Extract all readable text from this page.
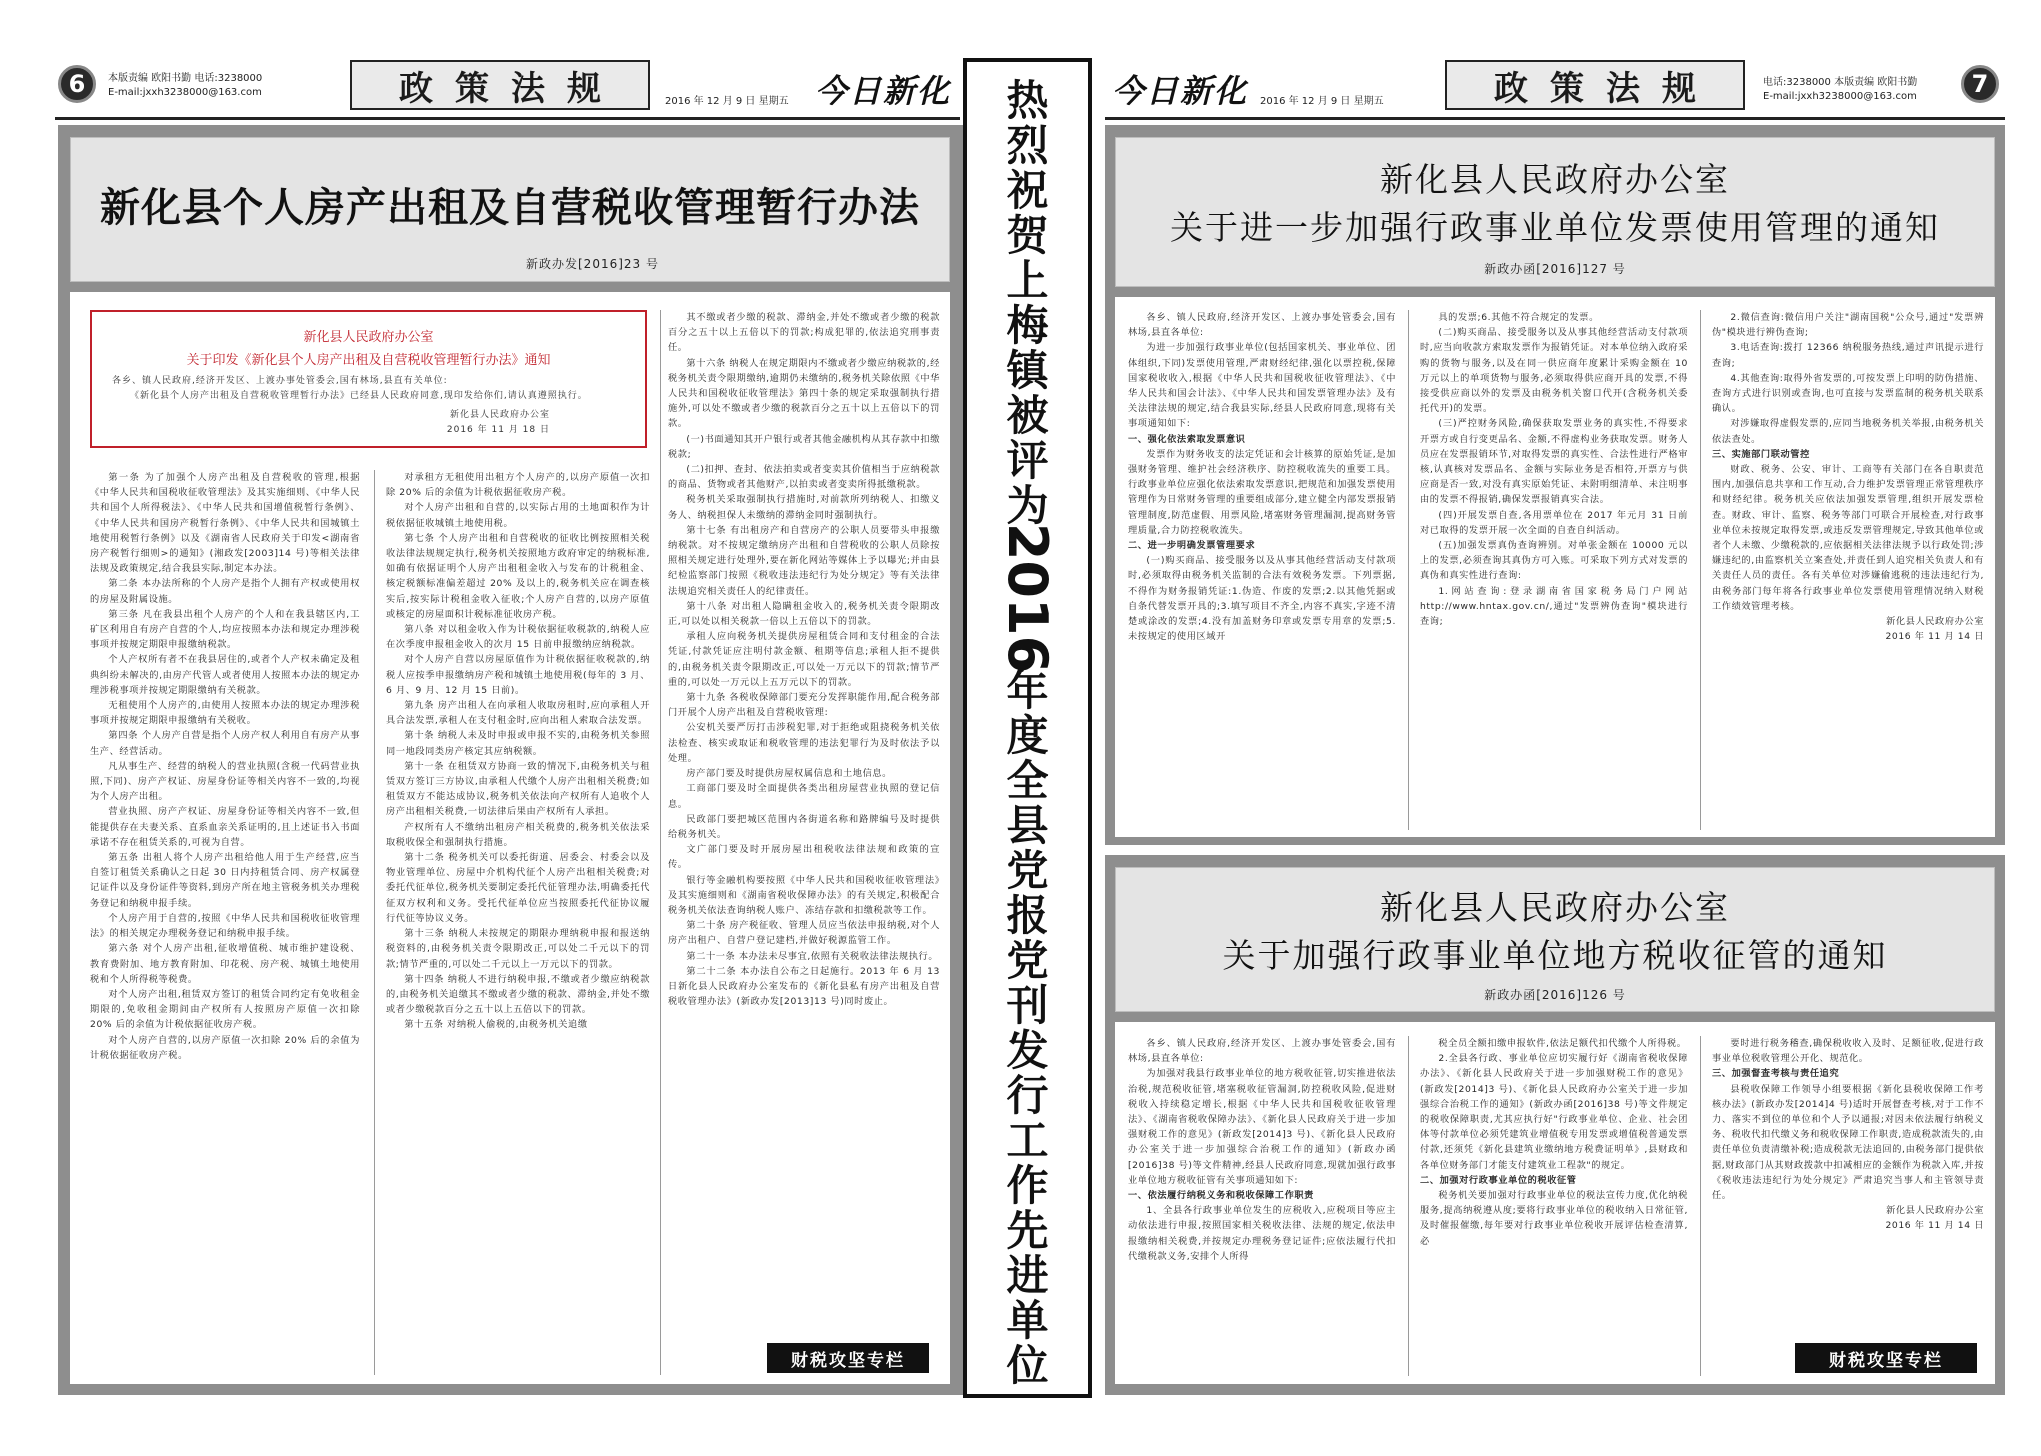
6	本版责编 欧阳书勤 电话:3238000
E-mail:jxxh3238000@163.com	政策法规	2016 年 12 月 9 日 星期五 今日新化
新化县个人房产出租及自营税收管理暂行办法
新政办发[2016]23 号
新化县人民政府办公室
关于印发《新化县个人房产出租及自营税收管理暂行办法》通知
各乡、镇人民政府,经济开发区、上渡办事处管委会,国有林场,县直有关单位:
《新化县个人房产出租及自营税收管理暂行办法》已经县人民政府同意,现印发给你们,请认真遵照执行。
新化县人民政府办公室
2016 年 11 月 18 日

第一条 为了加强个人房产出租及自营税收的管理,根据《中华人民共和国税收征收管理法》及其实施细则、《中华人民共和国个人所得税法》、《中华人民共和国增值税暂行条例》、《中华人民共和国房产税暂行条例》、《中华人民共和国城镇土地使用税暂行条例》以及《湖南省人民政府关于印发<湖南省房产税暂行细则>的通知》(湘政发[2003]14 号)等相关法律法规及政策规定,结合我县实际,制定本办法。

第二条 本办法所称的个人房产是指个人拥有产权或使用权的房屋及附属设施。

第三条 凡在我县出租个人房产的个人和在我县辖区内,工矿区利用自有房产自营的个人,均应按照本办法和规定办理涉税事项并按规定期限申报缴纳税款。

个人产权所有者不在我县居住的,或者个人产权未确定及租典纠纷未解决的,由房产代管人或者使用人按照本办法的规定办理涉税事项并按规定期限缴纳有关税款。

无租使用个人房产的,由使用人按照本办法的规定办理涉税事项并按规定期限申报缴纳有关税收。

第四条 个人房产自营是指个人房产权人利用自有房产从事生产、经营活动。

凡从事生产、经营的纳税人的营业执照(含税一代码营业执照,下同)、房产产权证、房屋身份证等相关内容不一致的,均视为个人房产出租。

营业执照、房产产权证、房屋身份证等相关内容不一致,但能提供存在夫妻关系、直系血亲关系证明的,且上述证书入书面承诺不存在租赁关系的,可视为自营。

第五条 出租人将个人房产出租给他人用于生产经营,应当自签订租赁关系确认之日起 30 日内持租赁合同、房产权属登记证件以及身份证件等资料,到房产所在地主管税务机关办理税务登记和纳税申报手续。

个人房产用于自营的,按照《中华人民共和国税收征收管理法》的相关规定办理税务登记和纳税申报手续。

第六条 对个人房产出租,征收增值税、城市维护建设税、教育费附加、地方教育附加、印花税、房产税、城镇土地使用税和个人所得税等税费。

对个人房产出租,租赁双方签订的租赁合同约定有免收租金期限的,免收租金期间由产权所有人按照房产原值一次扣除 20% 后的余值为计税依据征收房产税。

对个人房产自营的,以房产原值一次扣除 20% 后的余值为计税依据征收房产税。

对承租方无租使用出租方个人房产的,以房产原值一次扣除 20% 后的余值为计税依据征收房产税。

对个人房产出租和自营的,以实际占用的土地面积作为计税依据征收城镇土地使用税。

第七条 个人房产出租和自营税收的征收比例按照相关税收法律法规规定执行,税务机关按照地方政府审定的纳税标准,如确有依据证明个人房产出租租金收入与发布的计税租金、核定税额标准偏差超过 20% 及以上的,税务机关应在调查核实后,按实际计税租金收入征收;个人房产自营的,以房产原值或核定的房屋面积计税标准征收房产税。

第八条 对以租金收入作为计税依据征收税款的,纳税人应在次季度申报租金收入的次月 15 日前申报缴纳应纳税款。

对个人房产自营以房屋原值作为计税依据征收税款的,纳税人应按季申报缴纳房产税和城镇土地使用税(每年的 3 月、6 月、9 月、12 月 15 日前)。

第九条 房产出租人在向承租人收取房租时,应向承租人开具合法发票,承租人在支付租金时,应向出租人索取合法发票。

第十条 纳税人未及时申报或申报不实的,由税务机关参照同一地段同类房产核定其应纳税额。

第十一条 在租赁双方协商一致的情况下,由税务机关与租赁双方签订三方协议,由承租人代缴个人房产出租相关税费;如租赁双方不能达成协议,税务机关依法向产权所有人追收个人房产出租相关税费,一切法律后果由产权所有人承担。

产权所有人不缴纳出租房产相关税费的,税务机关依法采取税收保全和强制执行措施。

第十二条 税务机关可以委托街道、居委会、村委会以及物业管理单位、房屋中介机构代征个人房产出租相关税费;对委托代征单位,税务机关要制定委托代征管理办法,明确委托代征双方权利和义务。受托代征单位应当按照委托代征协议履行代征等协议义务。

第十三条 纳税人未按规定的期限办理纳税申报和报送纳税资料的,由税务机关责令限期改正,可以处二千元以下的罚款;情节严重的,可以处二千元以上一万元以下的罚款。

第十四条 纳税人不进行纳税申报,不缴或者少缴应纳税款的,由税务机关追缴其不缴或者少缴的税款、滞纳金,并处不缴或者少缴税款百分之五十以上五倍以下的罚款。

第十五条 对纳税人偷税的,由税务机关追缴

其不缴或者少缴的税款、滞纳金,并处不缴或者少缴的税款百分之五十以上五倍以下的罚款;构成犯罪的,依法追究刑事责任。

第十六条 纳税人在规定期限内不缴或者少缴应纳税款的,经税务机关责令限期缴纳,逾期仍未缴纳的,税务机关除依照《中华人民共和国税收征收管理法》第四十条的规定采取强制执行措施外,可以处不缴或者少缴的税款百分之五十以上五倍以下的罚款。

(一)书面通知其开户银行或者其他金融机构从其存款中扣缴税款;

(二)扣押、查封、依法拍卖或者变卖其价值相当于应纳税款的商品、货物或者其他财产,以拍卖或者变卖所得抵缴税款。

税务机关采取强制执行措施时,对前款所列纳税人、扣缴义务人、纳税担保人未缴纳的滞纳金同时强制执行。

第十七条 有出租房产和自营房产的公职人员要带头申报缴纳税款。对不按规定缴纳房产出租和自营税收的公职人员除按照相关规定进行处理外,要在新化网站等媒体上予以曝光;并由县纪检监察部门按照《税收违法违纪行为处分规定》等有关法律法规追究相关责任人的纪律责任。

第十八条 对出租人隐瞒租金收入的,税务机关责令限期改正,可以处以相关税款一倍以上五倍以下的罚款。

承租人应向税务机关提供房屋租赁合同和支付租金的合法凭证,付款凭证应注明付款金额、租期等信息;承租人拒不提供的,由税务机关责令限期改正,可以处一万元以下的罚款;情节严重的,可以处一万元以上五万元以下的罚款。

第十九条 各税收保障部门要充分发挥职能作用,配合税务部门开展个人房产出租及自营税收管理:

公安机关要严厉打击涉税犯罪,对于拒绝或阻挠税务机关依法检查、核实或取证和税收管理的违法犯罪行为及时依法予以处理。

房产部门要及时提供房屋权属信息和土地信息。

工商部门要及时全面提供各类出租房屋营业执照的登记信息。

民政部门要把城区范围内各街道名称和路牌编号及时提供给税务机关。

文广部门要及时开展房屋出租税收法律法规和政策的宣传。

银行等金融机构要按照《中华人民共和国税收征收管理法》及其实施细则和《湖南省税收保障办法》的有关规定,积极配合税务机关依法查询纳税人账户、冻结存款和扣缴税款等工作。

第二十条 房产税征收、管理人员应当依法申报纳税,对个人房产出租户、自营户登记建档,并做好税源监管工作。

第二十一条 本办法未尽事宜,依照有关税收法律法规执行。

第二十二条 本办法自公布之日起施行。2013 年 6 月 13 日新化县人民政府办公室发布的《新化县私有房产出租及自营税收管理办法》(新政办发[2013]13 号)同时废止。

财税攻坚专栏
热
烈
祝
贺
上
梅
镇
被
评
为
2016
年
度
全
县
党
报
党
刊
发
行
工
作
先
进
单
位
今日新化 2016 年 12 月 9 日 星期五	政策法规	电话:3238000 本版责编 欧阳书勤
E-mail:jxxh3238000@163.com	7
新化县人民政府办公室
关于进一步加强行政事业单位发票使用管理的通知
新政办函[2016]127 号

各乡、镇人民政府,经济开发区、上渡办事处管委会,国有林场,县直各单位:

为进一步加强行政事业单位(包括国家机关、事业单位、团体组织,下同)发票使用管理,严肃财经纪律,强化以票控税,保障国家税收收入,根据《中华人民共和国税收征收管理法》、《中华人民共和国会计法》、《中华人民共和国发票管理办法》及有关法律法规的规定,结合我县实际,经县人民政府同意,现将有关事项通知如下:

一、强化依法索取发票意识

发票作为财务收支的法定凭证和会计核算的原始凭证,是加强财务管理、维护社会经济秩序、防控税收流失的重要工具。行政事业单位应强化依法索取发票意识,把规范和加强发票使用管理作为日常财务管理的重要组成部分,建立健全内部发票报销管理制度,防范虚假、用票风险,堵塞财务管理漏洞,提高财务管理质量,合力防控税收流失。

二、进一步明确发票管理要求

(一)购买商品、接受服务以及从事其他经营活动支付款项时,必须取得由税务机关监制的合法有效税务发票。下列票据,不得作为财务报销凭证:1.伪造、作废的发票;2.以其他凭据或自条代替发票开具的;3.填写项目不齐全,内容不真实,字迹不清楚或涂改的发票;4.没有加盖财务印章或发票专用章的发票;5.未按规定的使用区域开

具的发票;6.其他不符合规定的发票。

(二)购买商品、接受服务以及从事其他经营活动支付款项时,应当向收款方索取发票作为报销凭证。对本单位纳入政府采购的货物与服务,以及在同一供应商年度累计采购金额在 10 万元以上的单项货物与服务,必须取得供应商开具的发票,不得接受供应商以外的发票及由税务机关窗口代开(含税务机关委托代开)的发票。

(三)严控财务风险,确保获取发票业务的真实性,不得要求开票方或自行变更品名、金额,不得虚构业务获取发票。财务人员应在发票报销环节,对取得发票的真实性、合法性进行严格审核,认真核对发票品名、金额与实际业务是否相符,开票方与供应商是否一致,对没有真实原始凭证、未附明细清单、未注明事由的发票不得报销,确保发票报销真实合法。

(四)开展发票自查,各用票单位在 2017 年元月 31 日前对已取得的发票开展一次全面的自查自纠活动。

(五)加强发票真伪查询辨别。对单张金额在 10000 元以上的发票,必须查询其真伪方可入账。可采取下列方式对发票的真伪和真实性进行查询:

1.网站查询:登录湖南省国家税务局门户网站 http://www.hntax.gov.cn/,通过"发票辨伪查询"模块进行查询;

2.微信查询:微信用户关注"湖南国税"公众号,通过"发票辨伪"模块进行辨伪查询;

3.电话查询:拨打 12366 纳税服务热线,通过声讯提示进行查询;

4.其他查询:取得外省发票的,可按发票上印明的防伪措施、查询方式进行识别或查询,也可直接与发票监制的税务机关联系确认。

对涉嫌取得虚假发票的,应同当地税务机关举报,由税务机关依法查处。

三、实施部门联动管控

财政、税务、公安、审计、工商等有关部门在各自职责范围内,加强信息共享和工作互动,合力维护发票管理正常管理秩序和财经纪律。税务机关应依法加强发票管理,组织开展发票检查。财政、审计、监察、税务等部门可联合开展检查,对行政事业单位未按规定取得发票,或违反发票管理规定,导致其他单位或者个人未缴、少缴税款的,应依据相关法律法规予以行政处罚;涉嫌违纪的,由监察机关立案查处,并责任到人追究相关负责人和有关责任人员的责任。各有关单位对涉嫌偷逃税的违法违纪行为,由税务部门每年将各行政事业单位发票使用管理情况纳入财税工作绩效管理考核。

新化县人民政府办公室

2016 年 11 月 14 日

新化县人民政府办公室
关于加强行政事业单位地方税收征管的通知
新政办函[2016]126 号

各乡、镇人民政府,经济开发区、上渡办事处管委会,国有林场,县直各单位:

为加强对我县行政事业单位的地方税收征管,切实推进依法治税,规范税收征管,堵塞税收征管漏洞,防控税收风险,促进财税收入持续稳定增长,根据《中华人民共和国税收征收管理法》、《湖南省税收保障办法》、《新化县人民政府关于进一步加强财税工作的意见》(新政发[2014]3 号)、《新化县人民政府办公室关于进一步加强综合治税工作的通知》(新政办函[2016]38 号)等文件精神,经县人民政府同意,现就加强行政事业单位地方税收征管有关事项通知如下:

一、依法履行纳税义务和税收保障工作职责

1、全县各行政事业单位发生的应税收入,应税项目等应主动依法进行申报,按照国家相关税收法律、法规的规定,依法申报缴纳相关税费,并按规定办理税务登记证件;应依法履行代扣代缴税款义务,安排个人所得

税全员全额扣缴申报软件,依法足额代扣代缴个人所得税。

2.全县各行政、事业单位应切实履行好《湖南省税收保障办法》、《新化县人民政府关于进一步加强财税工作的意见》(新政发[2014]3 号)、《新化县人民政府办公室关于进一步加强综合治税工作的通知》(新政办函[2016]38 号)等文件规定的税收保障职责,尤其应执行好"行政事业单位、企业、社会团体等付款单位必须凭建筑业增值税专用发票或增值税普通发票付款,还须凭《新化县建筑业缴纳地方税费证明单》,县财政和各单位财务部门才能支付建筑业工程款"的规定。

二、加强对行政事业单位的税收征管

税务机关要加强对行政事业单位的税法宣传力度,优化纳税服务,提高纳税遵从度;要将行政事业单位的税收纳入日常征管,及时催报催缴,每年要对行政事业单位税收开展评估检查清算,必

要时进行税务稽查,确保税收收入及时、足额征收,促进行政事业单位税收管理公开化、规范化。

三、加强督查考核与责任追究

县税收保障工作领导小组要根据《新化县税收保障工作考核办法》(新政办发[2014]4 号)适时开展督查考核,对于工作不力、落实不到位的单位和个人予以通报;对因未依法履行纳税义务、税收代扣代缴义务和税收保障工作职责,造成税款流失的,由责任单位负责清缴补税;造成税款无法追回的,由税务部门提供依据,财政部门从其财政拨款中扣减相应的金额作为税款入库,并按《税收违法违纪行为处分规定》严肃追究当事人和主管领导责任。

新化县人民政府办公室

2016 年 11 月 14 日

财税攻坚专栏
